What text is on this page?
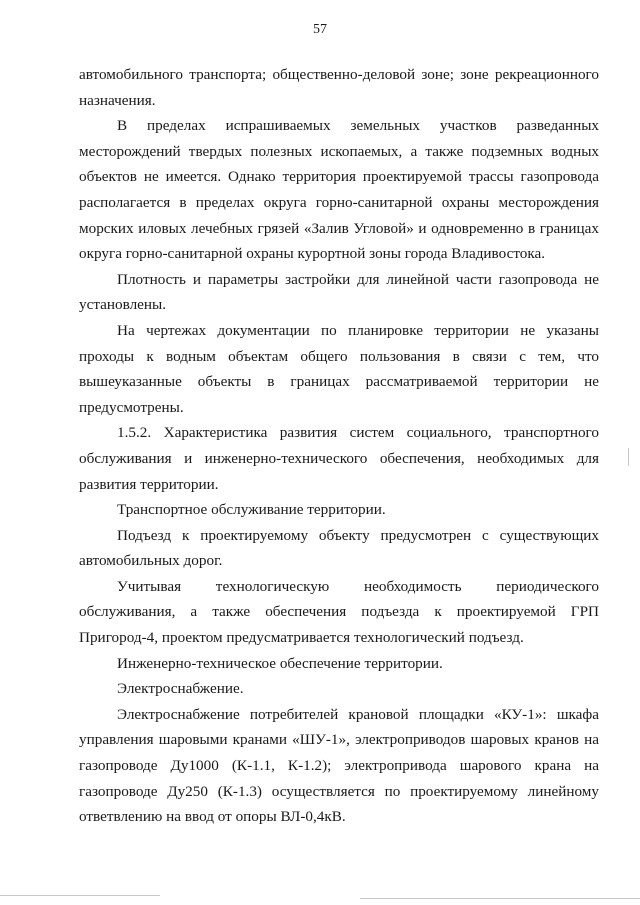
57

автомобильного транспорта; общественно-деловой зоне; зоне рекреационного назначения.

В пределах испрашиваемых земельных участков разведанных месторождений твердых полезных ископаемых, а также подземных водных объектов не имеется. Однако территория проектируемой трассы газопровода располагается в пределах округа горно-санитарной охраны месторождения морских иловых лечебных грязей «Залив Угловой» и одновременно в границах округа горно-санитарной охраны курортной зоны города Владивостока.

Плотность и параметры застройки для линейной части газопровода не установлены.

На чертежах документации по планировке территории не указаны проходы к водным объектам общего пользования в связи с тем, что вышеуказанные объекты в границах рассматриваемой территории не предусмотрены.

1.5.2. Характеристика развития систем социального, транспортного обслуживания и инженерно-технического обеспечения, необходимых для развития территории.

Транспортное обслуживание территории.

Подъезд к проектируемому объекту предусмотрен с существующих автомобильных дорог.

Учитывая технологическую необходимость периодического обслуживания, а также обеспечения подъезда к проектируемой ГРП Пригород-4, проектом предусматривается технологический подъезд.

Инженерно-техническое обеспечение территории.

Электроснабжение.

Электроснабжение потребителей крановой площадки «КУ-1»: шкафа управления шаровыми кранами «ШУ-1», электроприводов шаровых кранов на газопроводе Ду1000 (К-1.1, К-1.2); электропривода шарового крана на газопроводе Ду250 (К-1.3) осуществляется по проектируемому линейному ответвлению на ввод от опоры ВЛ-0,4кВ.
